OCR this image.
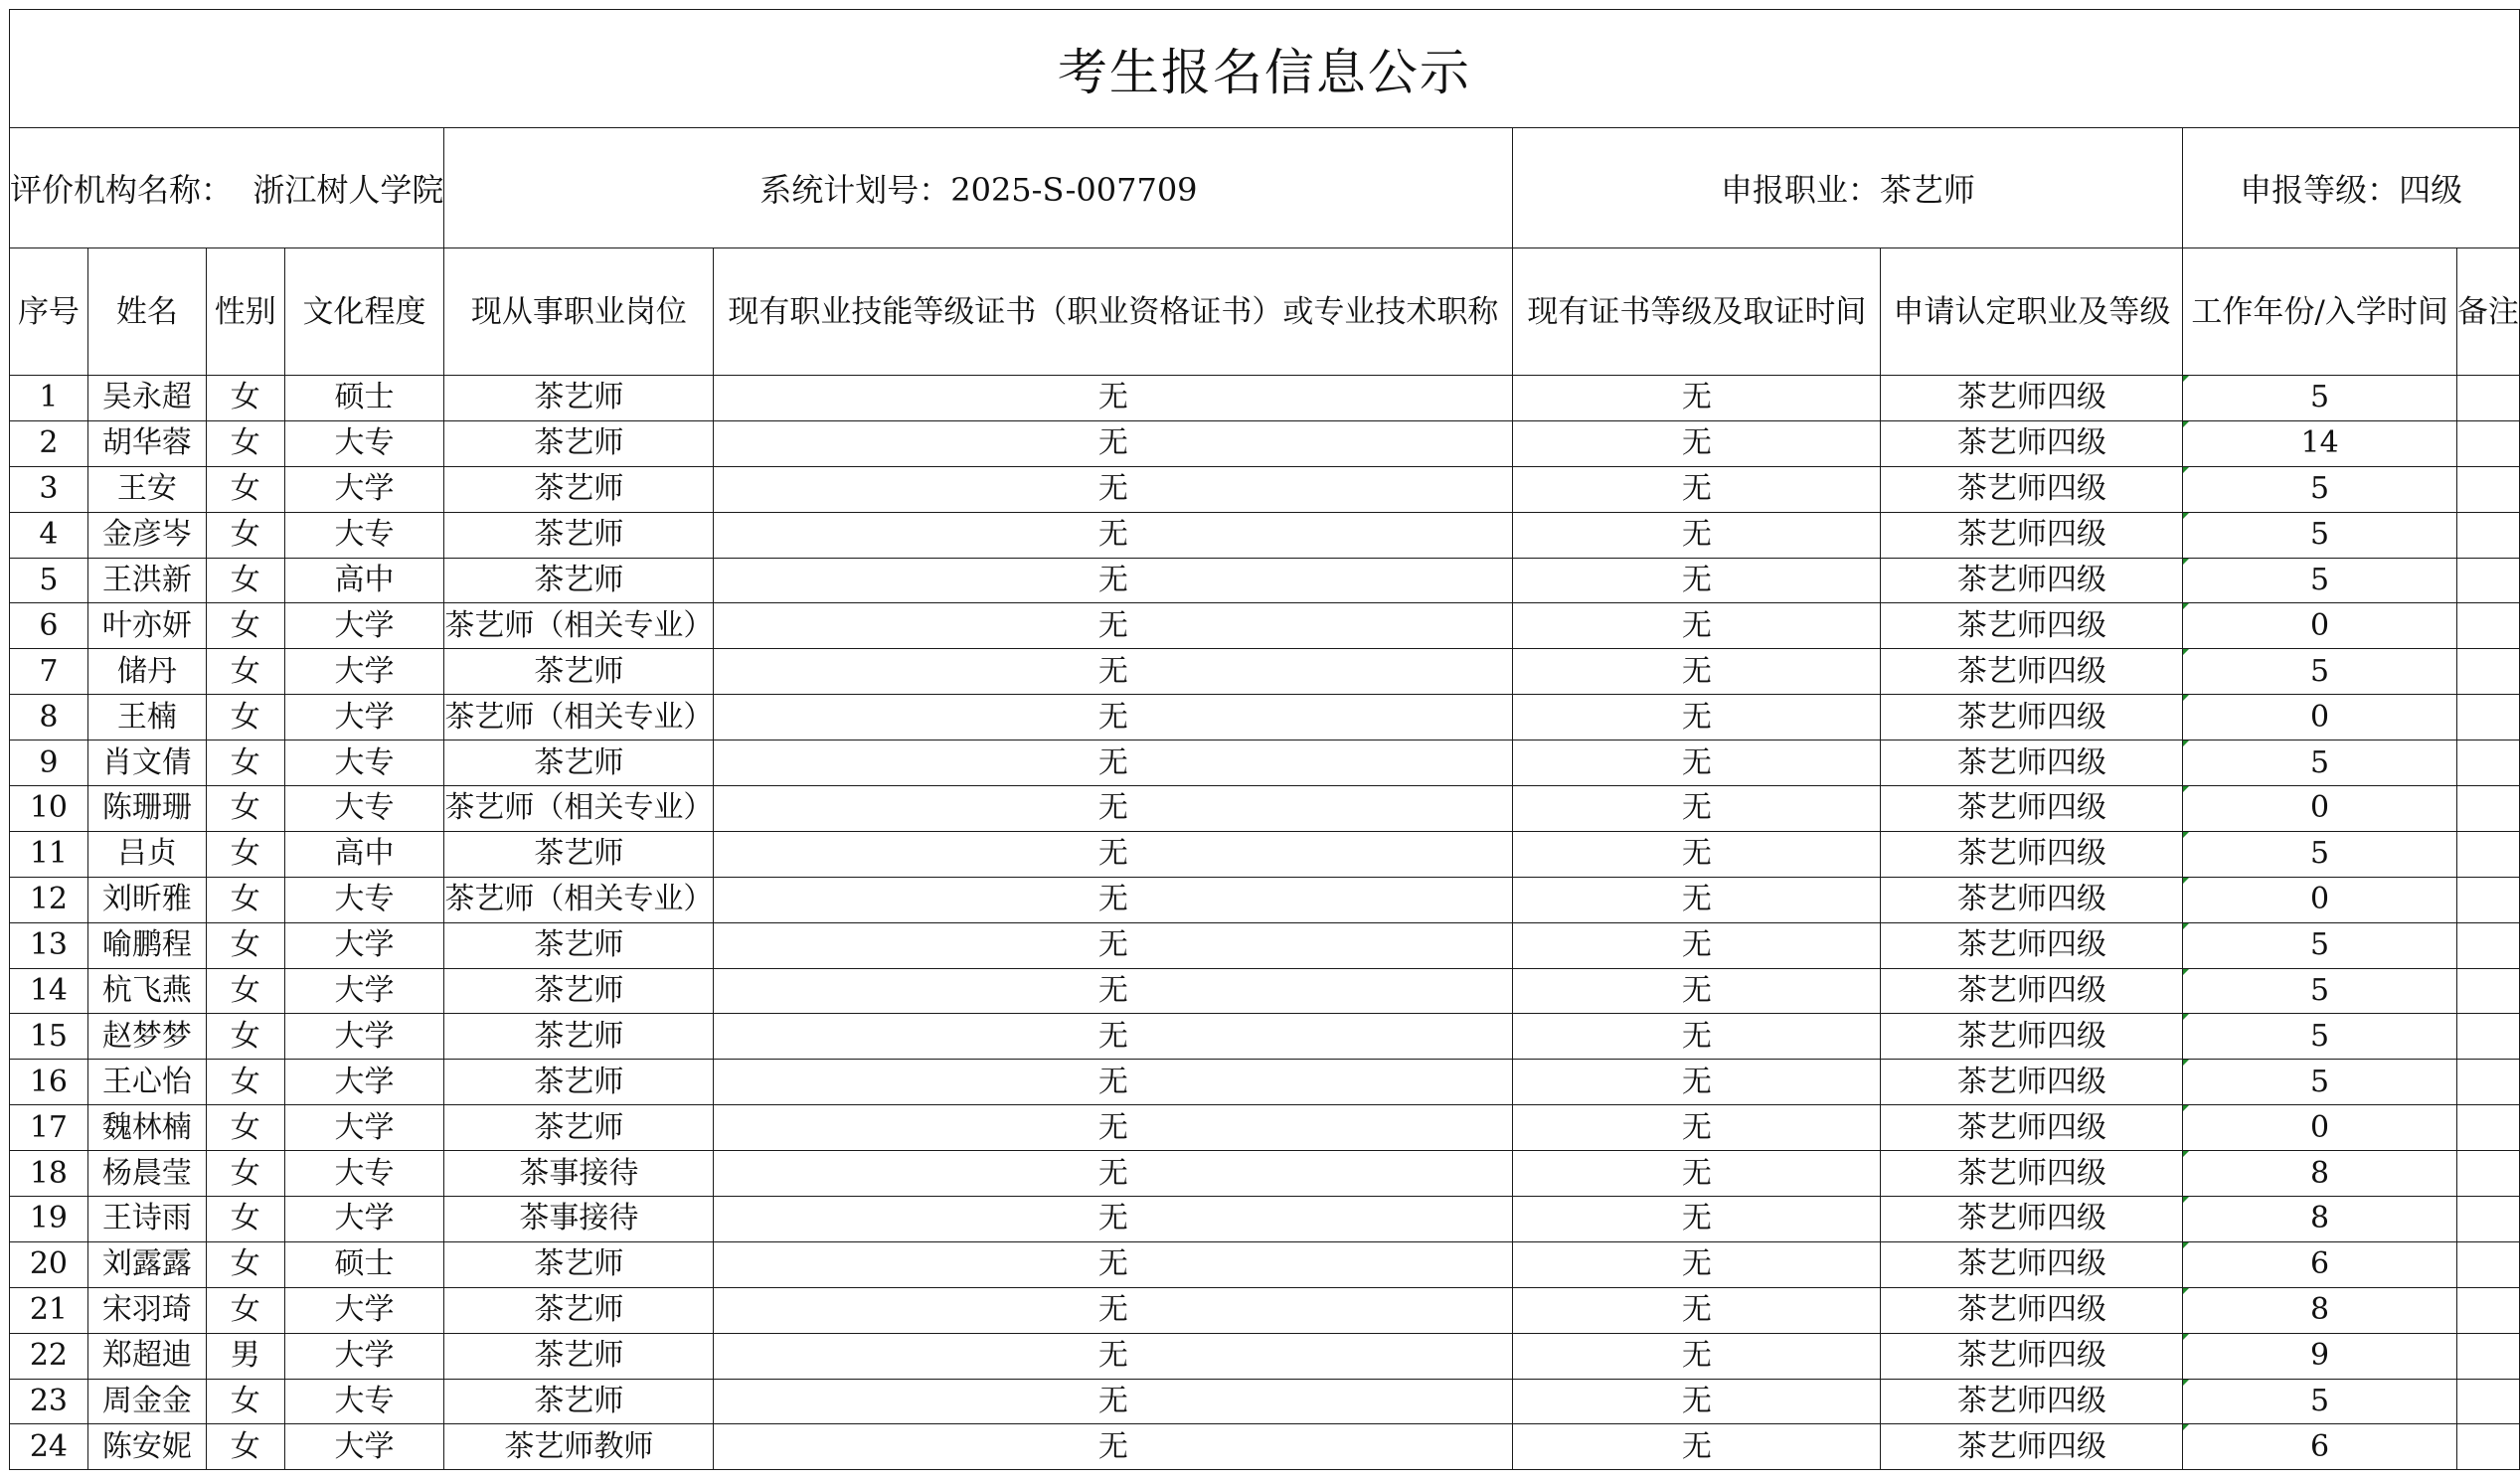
考生报名信息公示									
评价机构名称： 浙江树人学院				系统计划号：2025-S-007709		申报职业：茶艺师		申报等级：四级	
序号	姓名	性别	文化程度	现从事职业岗位	现有职业技能等级证书（职业资格证书）或专业技术职称	现有证书等级及取证时间	申请认定职业及等级	工作年份/入学时间	备注
1	吴永超	女	硕士	茶艺师	无	无	茶艺师四级	5	
2	胡华蓉	女	大专	茶艺师	无	无	茶艺师四级	14	
3	王安	女	大学	茶艺师	无	无	茶艺师四级	5	
4	金彦岑	女	大专	茶艺师	无	无	茶艺师四级	5	
5	王洪新	女	高中	茶艺师	无	无	茶艺师四级	5	
6	叶亦妍	女	大学	茶艺师（相关专业）	无	无	茶艺师四级	0	
7	储丹	女	大学	茶艺师	无	无	茶艺师四级	5	
8	王楠	女	大学	茶艺师（相关专业）	无	无	茶艺师四级	0	
9	肖文倩	女	大专	茶艺师	无	无	茶艺师四级	5	
10	陈珊珊	女	大专	茶艺师（相关专业）	无	无	茶艺师四级	0	
11	吕贞	女	高中	茶艺师	无	无	茶艺师四级	5	
12	刘昕雅	女	大专	茶艺师（相关专业）	无	无	茶艺师四级	0	
13	喻鹏程	女	大学	茶艺师	无	无	茶艺师四级	5	
14	杭飞燕	女	大学	茶艺师	无	无	茶艺师四级	5	
15	赵梦梦	女	大学	茶艺师	无	无	茶艺师四级	5	
16	王心怡	女	大学	茶艺师	无	无	茶艺师四级	5	
17	魏林楠	女	大学	茶艺师	无	无	茶艺师四级	0	
18	杨晨莹	女	大专	茶事接待	无	无	茶艺师四级	8	
19	王诗雨	女	大学	茶事接待	无	无	茶艺师四级	8	
20	刘露露	女	硕士	茶艺师	无	无	茶艺师四级	6	
21	宋羽琦	女	大学	茶艺师	无	无	茶艺师四级	8	
22	郑超迪	男	大学	茶艺师	无	无	茶艺师四级	9	
23	周金金	女	大专	茶艺师	无	无	茶艺师四级	5	
24	陈安妮	女	大学	茶艺师教师	无	无	茶艺师四级	6	
